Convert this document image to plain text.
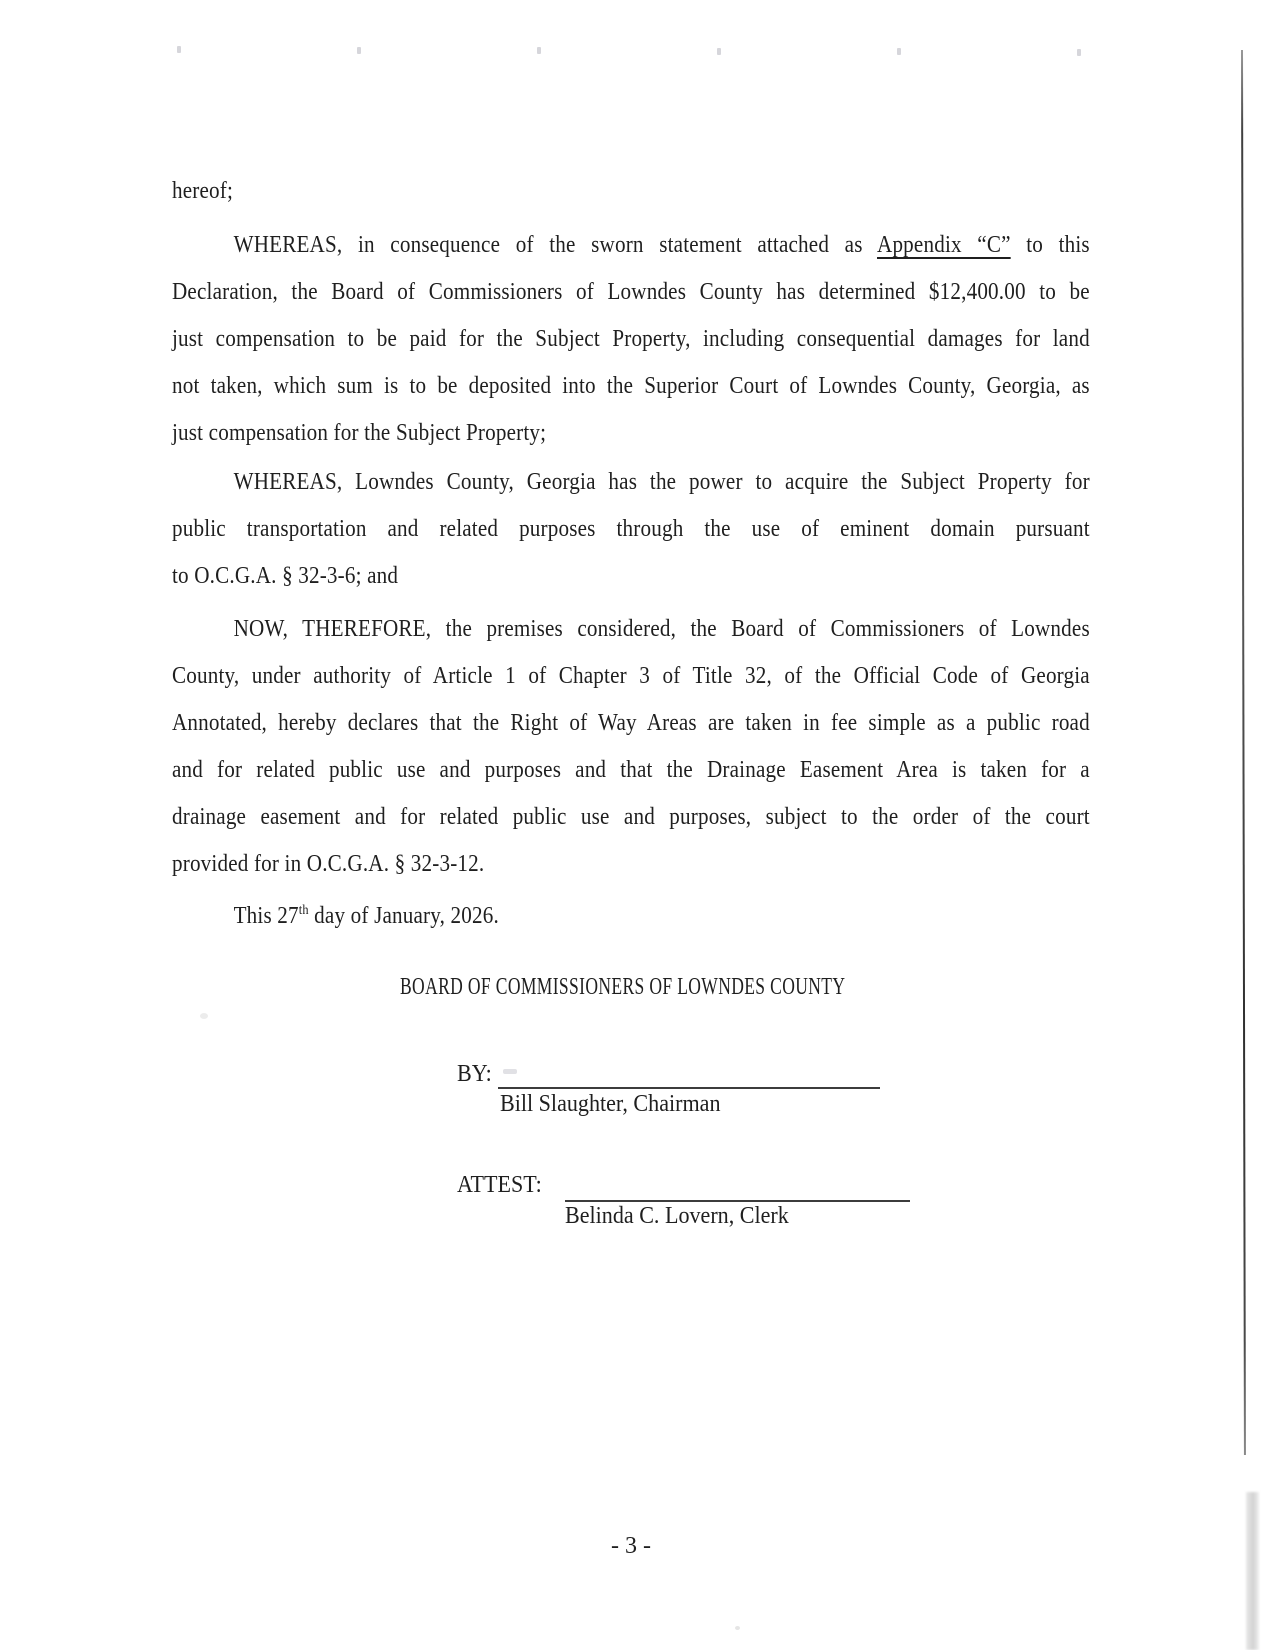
hereof;
WHEREAS, in consequence of the sworn statement attached as Appendix “C” to this
Declaration, the Board of Commissioners of Lowndes County has determined $12,400.00 to be
just compensation to be paid for the Subject Property, including consequential damages for land
not taken, which sum is to be deposited into the Superior Court of Lowndes County, Georgia, as
just compensation for the Subject Property;
WHEREAS, Lowndes County, Georgia has the power to acquire the Subject Property for
public transportation and related purposes through the use of eminent domain pursuant
to O.C.G.A. § 32-3-6; and
NOW, THEREFORE, the premises considered, the Board of Commissioners of Lowndes
County, under authority of Article 1 of Chapter 3 of Title 32, of the Official Code of Georgia
Annotated, hereby declares that the Right of Way Areas are taken in fee simple as a public road
and for related public use and purposes and that the Drainage Easement Area is taken for a
drainage easement and for related public use and purposes, subject to the order of the court
provided for in O.C.G.A. § 32-3-12.
This 27th day of January, 2026.
BOARD OF COMMISSIONERS OF LOWNDES COUNTY
BY:
Bill Slaughter, Chairman
ATTEST:
Belinda C. Lovern, Clerk
- 3 -
